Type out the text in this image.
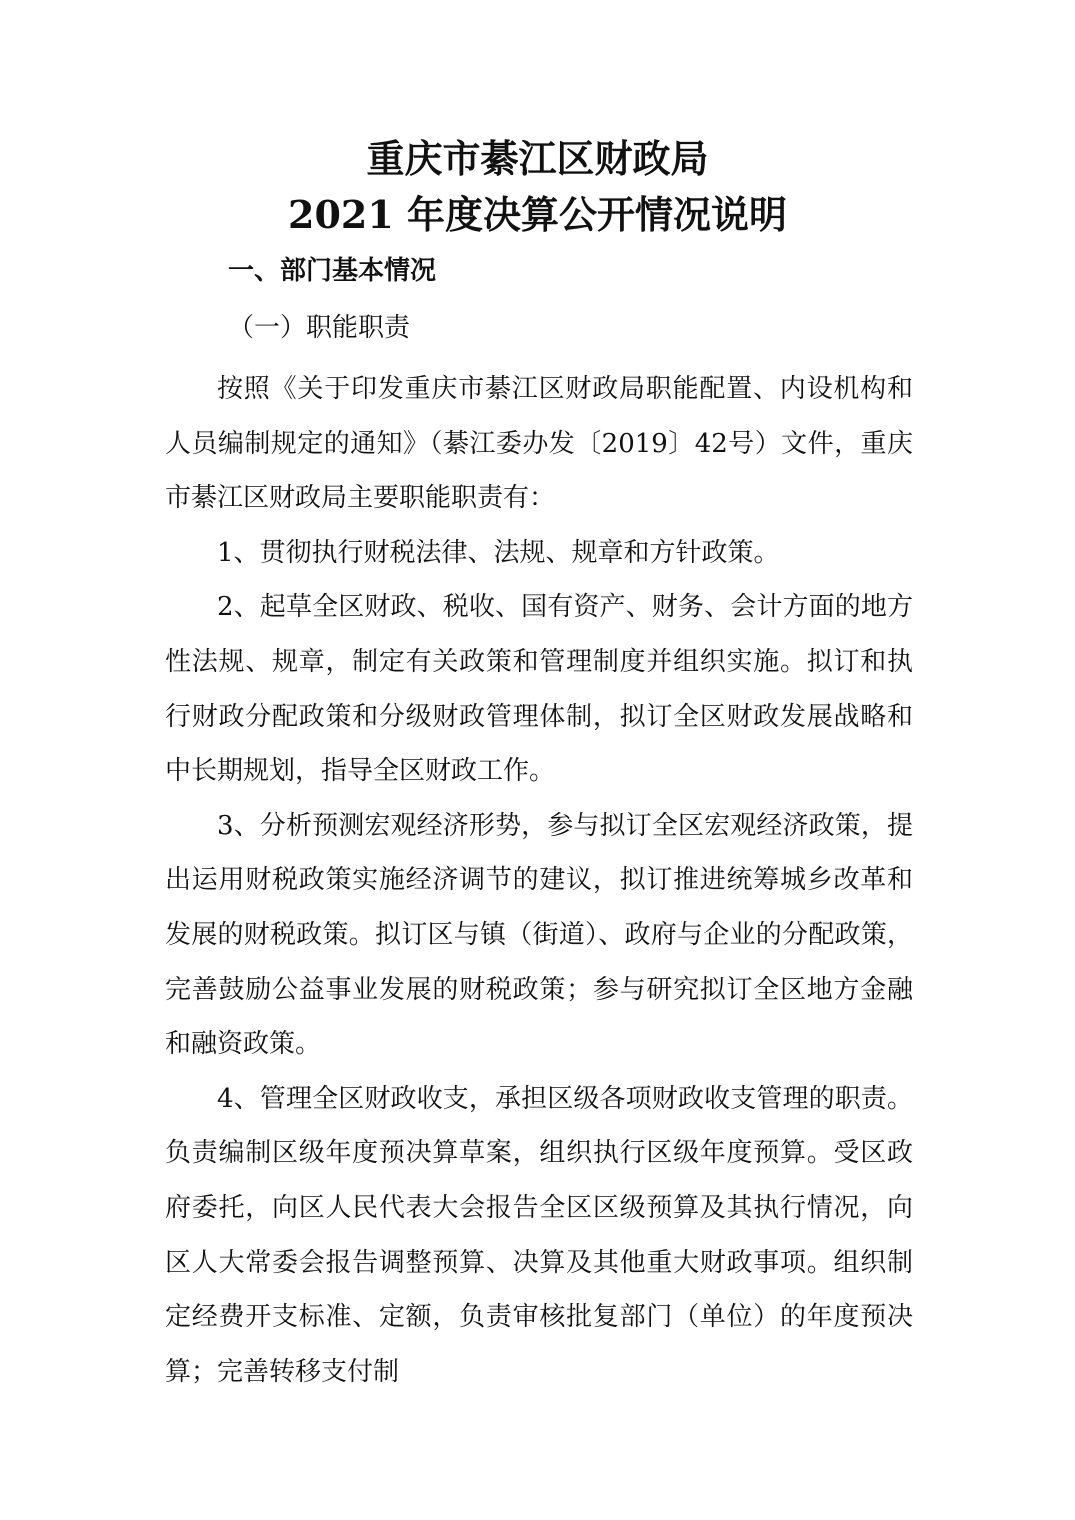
重庆市綦江区财政局
2021 年度决算公开情况说明
一、部门基本情况
（一）职能职责

按照《关于印发重庆市綦江区财政局职能配置、内设机构和人员编制规定的通知》（綦江委办发〔2019〕42号）文件，重庆市綦江区财政局主要职能职责有：

1、贯彻执行财税法律、法规、规章和方针政策。

2、起草全区财政、税收、国有资产、财务、会计方面的地方性法规、规章，制定有关政策和管理制度并组织实施。拟订和执行财政分配政策和分级财政管理体制，拟订全区财政发展战略和中长期规划，指导全区财政工作。

3、分析预测宏观经济形势，参与拟订全区宏观经济政策，提出运用财税政策实施经济调节的建议，拟订推进统筹城乡改革和发展的财税政策。拟订区与镇（街道）、政府与企业的分配政策，完善鼓励公益事业发展的财税政策；参与研究拟订全区地方金融和融资政策。

4、管理全区财政收支，承担区级各项财政收支管理的职责。负责编制区级年度预决算草案，组织执行区级年度预算。受区政府委托，向区人民代表大会报告全区区级预算及其执行情况，向区人大常委会报告调整预算、决算及其他重大财政事项。组织制定经费开支标准、定额，负责审核批复部门（单位）的年度预决算；完善转移支付制
